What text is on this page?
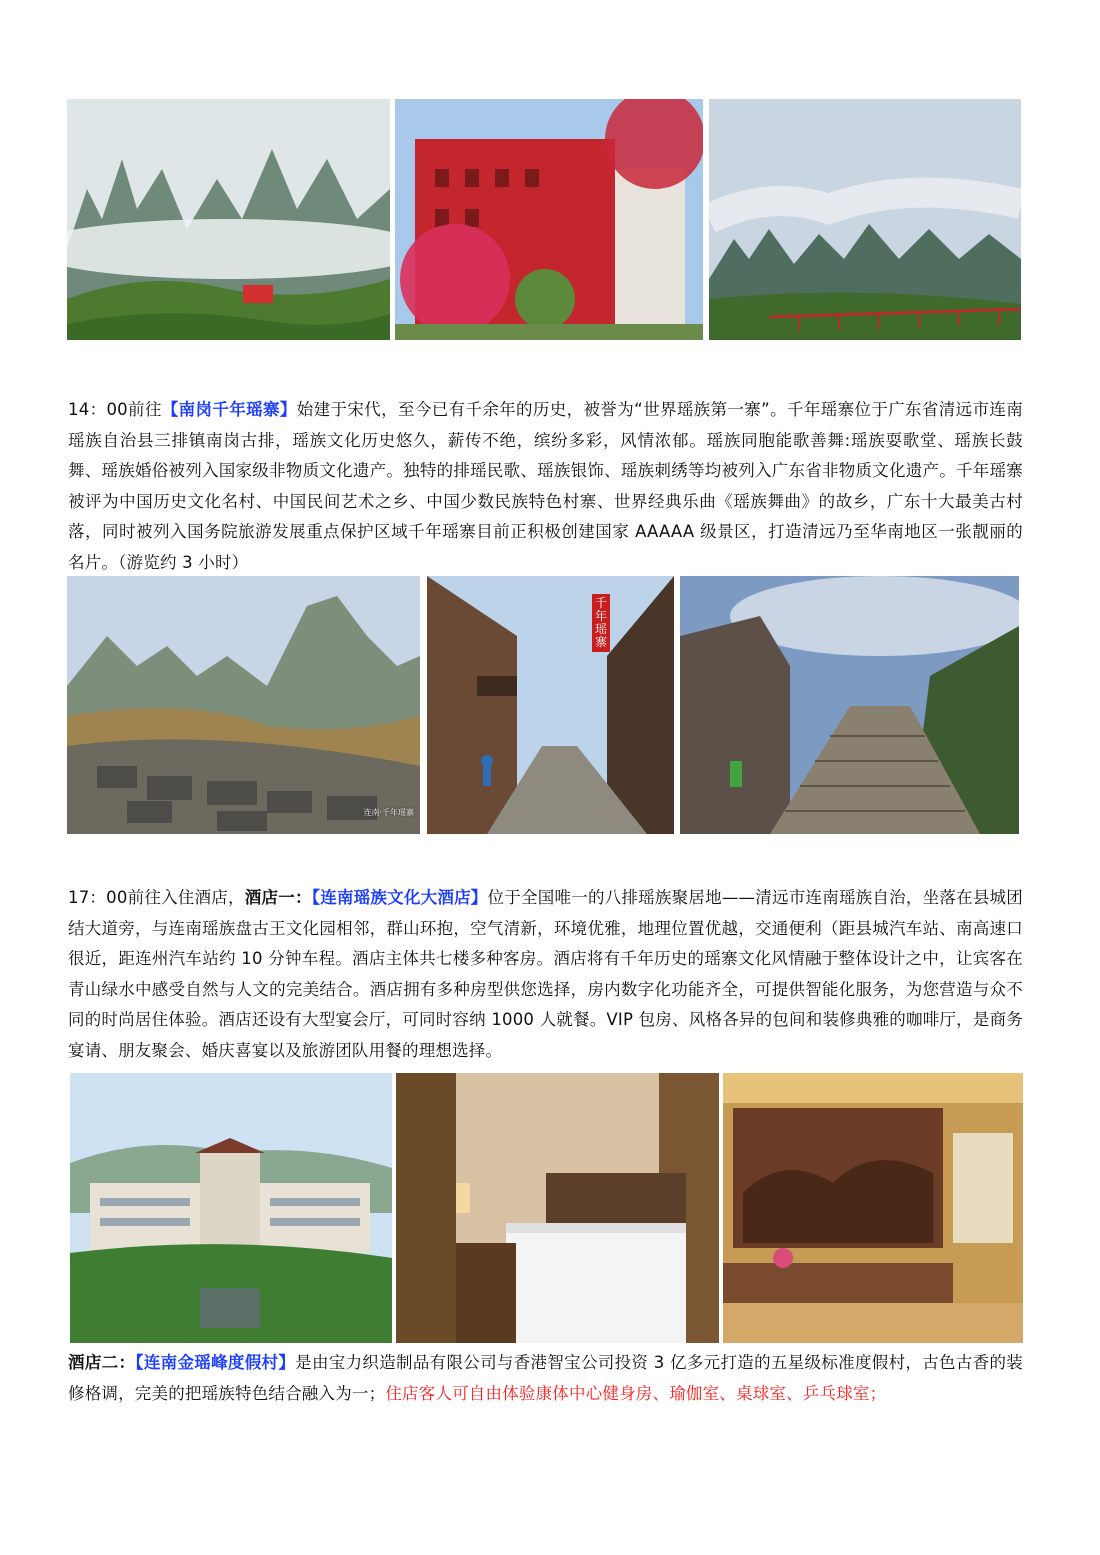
14：00前往【南岗千年瑶寨】始建于宋代，至今已有千余年的历史，被誉为“世界瑶族第一寨”。千年瑶寨位于广东省清远市连南瑶族自治县三排镇南岗古排，瑶族文化历史悠久，薪传不绝，缤纷多彩，风情浓郁。瑶族同胞能歌善舞:瑶族耍歌堂、瑶族长鼓舞、瑶族婚俗被列入国家级非物质文化遗产。独特的排瑶民歌、瑶族银饰、瑶族刺绣等均被列入广东省非物质文化遗产。千年瑶寨被评为中国历史文化名村、中国民间艺术之乡、中国少数民族特色村寨、世界经典乐曲《瑶族舞曲》的故乡，广东十大最美古村落，同时被列入国务院旅游发展重点保护区域千年瑶寨目前正积极创建国家 AAAAA 级景区，打造清远乃至华南地区一张靓丽的名片。（游览约 3 小时）
连南·千年瑶寨
千年瑶寨
17：00前往入住酒店，酒店一：【连南瑶族文化大酒店】位于全国唯一的八排瑶族聚居地——清远市连南瑶族自治，坐落在县城团结大道旁，与连南瑶族盘古王文化园相邻，群山环抱，空气清新，环境优雅，地理位置优越，交通便利（距县城汽车站、南高速口很近，距连州汽车站约 10 分钟车程。酒店主体共七楼多种客房。酒店将有千年历史的瑶寨文化风情融于整体设计之中，让宾客在青山绿水中感受自然与人文的完美结合。酒店拥有多种房型供您选择，房内数字化功能齐全，可提供智能化服务，为您营造与众不同的时尚居住体验。酒店还设有大型宴会厅，可同时容纳 1000 人就餐。VIP 包房、风格各异的包间和装修典雅的咖啡厅，是商务宴请、朋友聚会、婚庆喜宴以及旅游团队用餐的理想选择。
酒店二：【连南金瑶峰度假村】是由宝力织造制品有限公司与香港智宝公司投资 3 亿多元打造的五星级标准度假村，古色古香的装修格调，完美的把瑶族特色结合融入为一；住店客人可自由体验康体中心健身房、瑜伽室、桌球室、乒乓球室；
